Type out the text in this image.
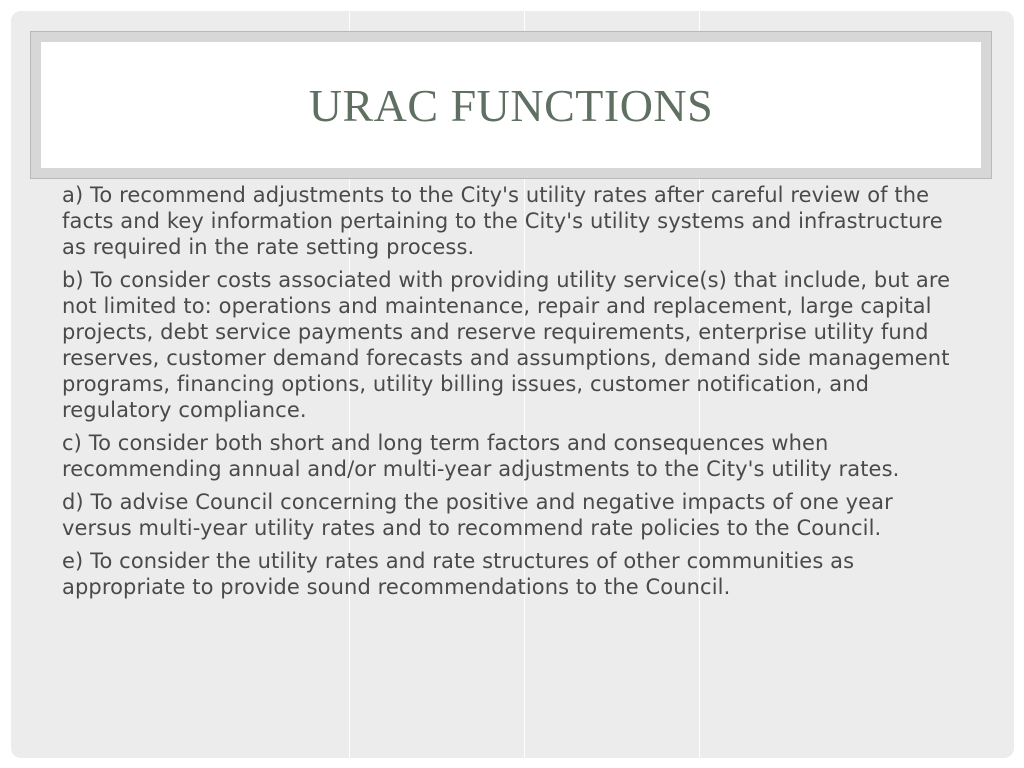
URAC FUNCTIONS

a) To recommend adjustments to the City's utility rates after careful review of the facts and key information pertaining to the City's utility systems and infrastructure as required in the rate setting process.

b) To consider costs associated with providing utility service(s) that include, but are not limited to: operations and maintenance, repair and replacement, large capital projects, debt service payments and reserve requirements, enterprise utility fund reserves, customer demand forecasts and assumptions, demand side management programs, financing options, utility billing issues, customer notification, and regulatory compliance.

c) To consider both short and long term factors and consequences when recommending annual and/or multi-year adjustments to the City's utility rates.

d) To advise Council concerning the positive and negative impacts of one year versus multi-year utility rates and to recommend rate policies to the Council.

e) To consider the utility rates and rate structures of other communities as appropriate to provide sound recommendations to the Council.
